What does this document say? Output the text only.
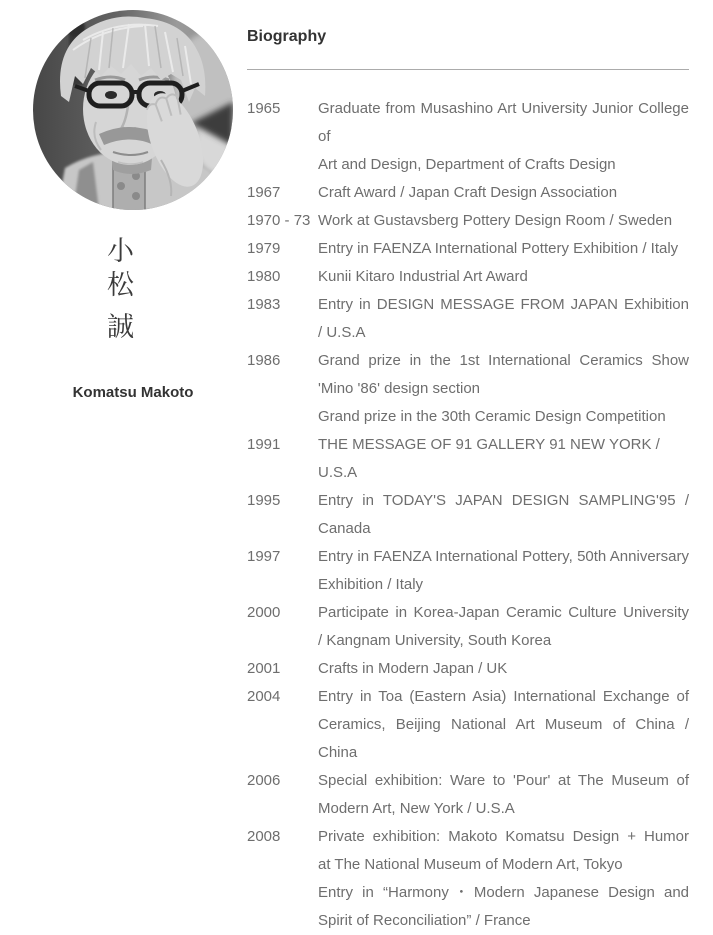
小
松
誠
Komatsu Makoto
Biography
1965	Graduate from Musashino Art University Junior College of
Art and Design, Department of Crafts Design
1967	Craft Award / Japan Craft Design Association
1970 - 73 Work at Gustavsberg Pottery Design Room / Sweden
1979	Entry in FAENZA International Pottery Exhibition / Italy
1980	Kunii Kitaro Industrial Art Award
1983	Entry in DESIGN MESSAGE FROM JAPAN Exhibition
/ U.S.A
1986	Grand prize in the 1st International Ceramics Show
'Mino '86' design section
Grand prize in the 30th Ceramic Design Competition
1991	THE MESSAGE OF 91 GALLERY 91 NEW YORK / U.S.A
1995	Entry in TODAY'S JAPAN DESIGN SAMPLING'95 /
Canada
1997	Entry in FAENZA International Pottery, 50th Anniversary
Exhibition / Italy
2000	Participate in Korea-Japan Ceramic Culture University
/ Kangnam University, South Korea
2001	Crafts in Modern Japan / UK
2004	Entry in Toa (Eastern Asia) International Exchange of
Ceramics, Beijing National Art Museum of China /
China
2006	Special exhibition: Ware to 'Pour' at The Museum of
Modern Art, New York / U.S.A
2008	Private exhibition: Makoto Komatsu Design + Humor
at The National Museum of Modern Art, Tokyo
Entry in “Harmony・Modern Japanese Design and
Spirit of Reconciliation” / France
